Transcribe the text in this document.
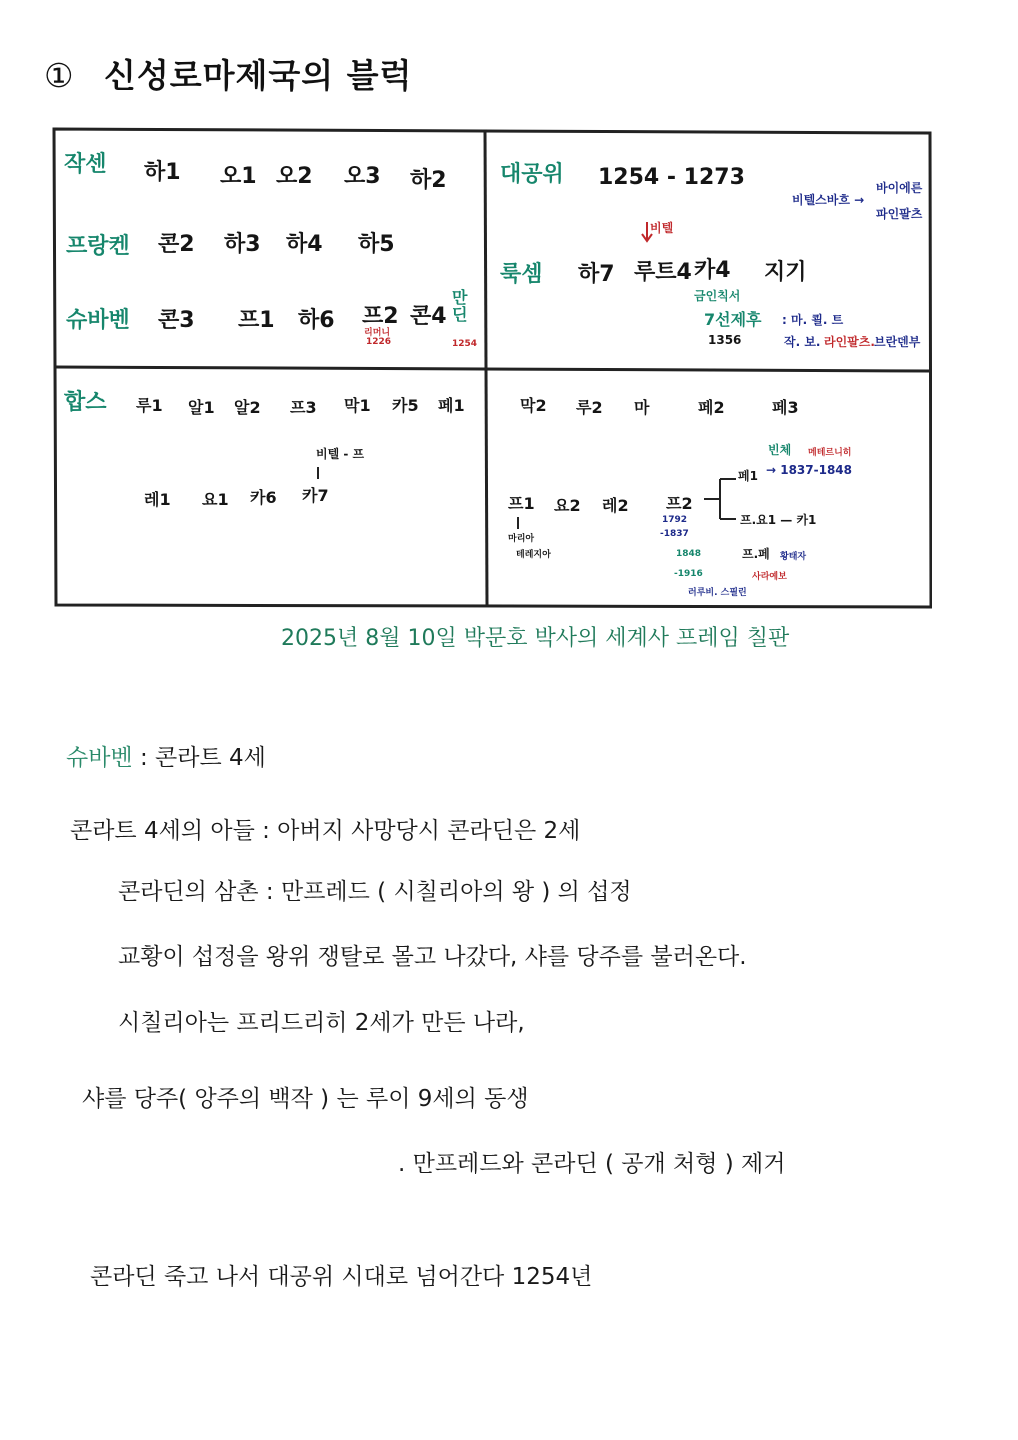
① 신성로마제국의 블럭
작센 하1 오1 오2 오3 하2
프랑켄 콘2 하3 하4 하5
슈바벤 콘3 프1 하6 프2 콘4
리머니
1226
만 딘
1254
대공위 1254 - 1273
비텔스바흐 →
바이에른
파인팔츠
비텔
룩셈 하7 루트4 카4 지기
금인칙서
7선제후
1356
: 마. 쾰. 트
작. 보. 라인팔츠. 브란덴부
합스 루1 알1 알2 프3 막1 카5 페1
비텔 - 프
레1 요1 카6 카7
막2 루2 마	페2	페3
빈체 메테르니히
페1 → 1837-1848
프1 요2 레2 프2
마리아
테레지아
1792
-1837
1848
-1916
프.요1 — 카1
프.페 황태자
사라예보
러루비. 스필린
2025년 8월 10일 박문호 박사의 세계사 프레임 칠판
슈바벤 : 콘라트 4세
콘라트 4세의 아들 : 아버지 사망당시 콘라딘은 2세
콘라딘의 삼촌 : 만프레드 ( 시칠리아의 왕 ) 의 섭정
교황이 섭정을 왕위 쟁탈로 몰고 나갔다, 샤를 당주를 불러온다.
시칠리아는 프리드리히 2세가 만든 나라,
샤를 당주( 앙주의 백작 ) 는 루이 9세의 동생
. 만프레드와 콘라딘 ( 공개 처형 ) 제거
콘라딘 죽고 나서 대공위 시대로 넘어간다 1254년
